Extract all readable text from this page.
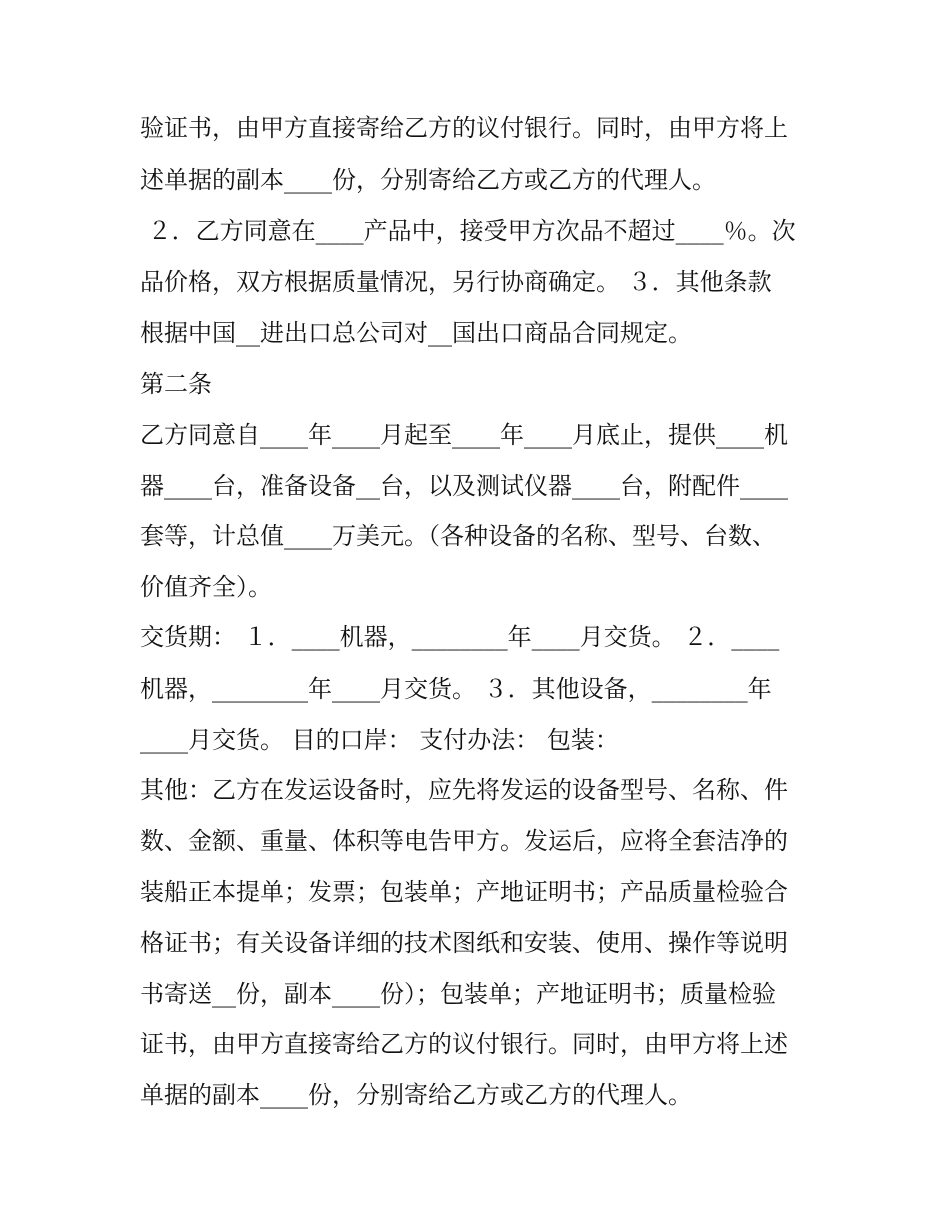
验证书，由甲方直接寄给乙方的议付银行。同时，由甲方将上
述单据的副本____份，分别寄给乙方或乙方的代理人。
２．乙方同意在____产品中，接受甲方次品不超过____％。次
品价格，双方根据质量情况，另行协商确定。 ３．其他条款
根据中国__进出口总公司对__国出口商品合同规定。
第二条
乙方同意自____年____月起至____年____月底止，提供____机
器____台，准备设备__台，以及测试仪器____台，附配件____
套等，计总值____万美元。（各种设备的名称、型号、台数、
价值齐全）。
交货期： １．____机器，________年____月交货。 ２．____
机器，________年____月交货。 ３．其他设备，________年
____月交货。 目的口岸： 支付办法： 包装：
其他：乙方在发运设备时，应先将发运的设备型号、名称、件
数、金额、重量、体积等电告甲方。发运后，应将全套洁净的
装船正本提单；发票；包装单；产地证明书；产品质量检验合
格证书；有关设备详细的技术图纸和安装、使用、操作等说明
书寄送__份，副本____份）；包装单；产地证明书；质量检验
证书，由甲方直接寄给乙方的议付银行。同时，由甲方将上述
单据的副本____份，分别寄给乙方或乙方的代理人。
